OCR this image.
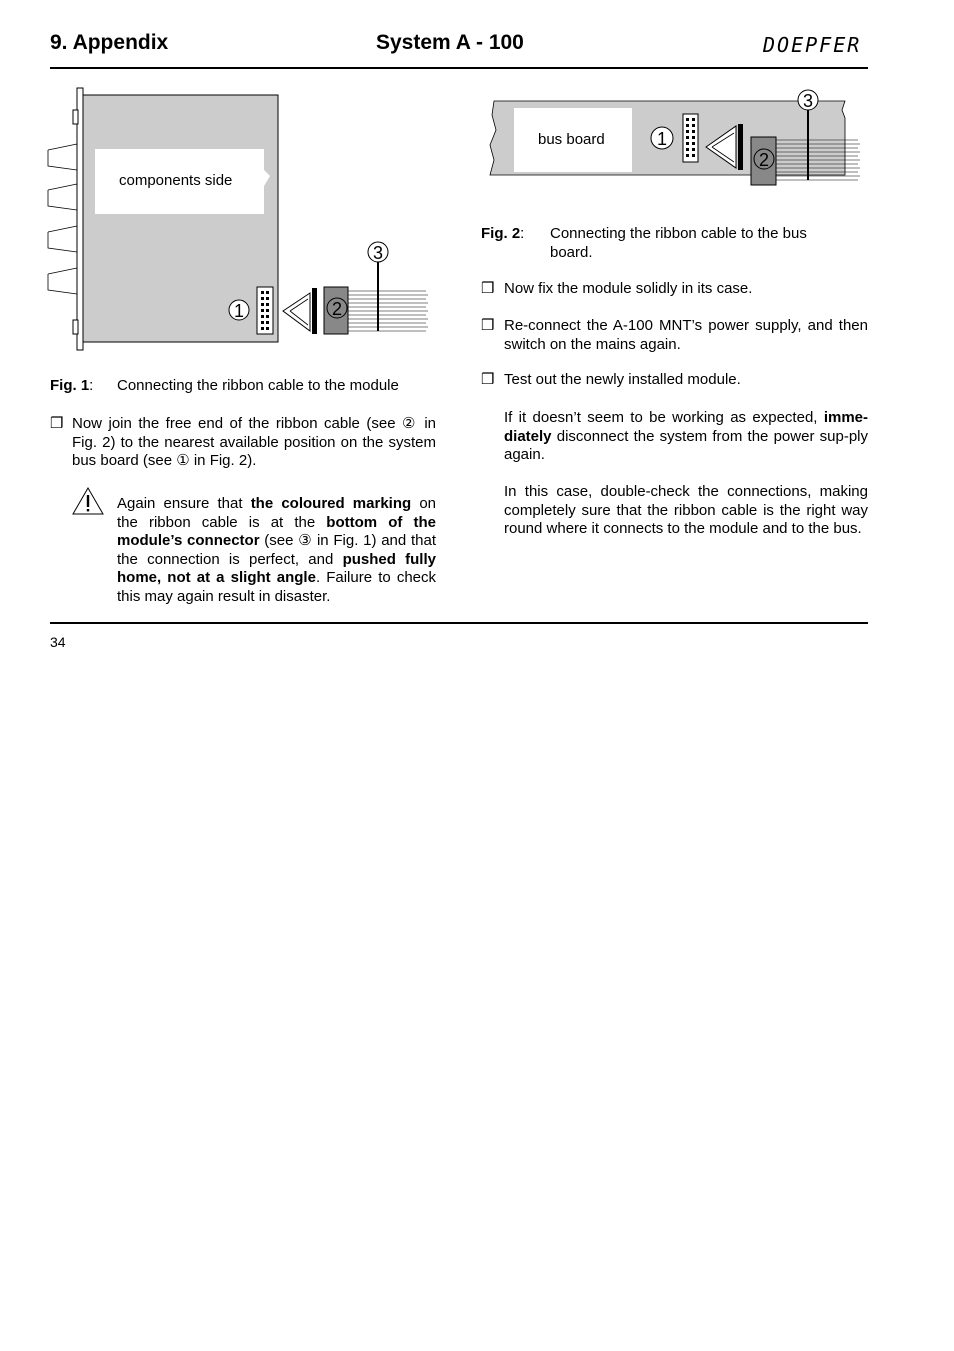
9. Appendix	System A - 100	DOEPFER
1	2
3
components side
1
2
3
bus board
Fig. 1: Connecting the ribbon cable to the module
❒ Now join the free end of the ribbon cable (see ② in Fig. 2) to the nearest available position on the system bus board (see ① in Fig. 2).
Again ensure that the coloured marking on the ribbon cable is at the bottom of the module’s connector (see ③ in Fig. 1) and that the connection is perfect, and pushed fully home, not at a slight angle. Failure to check this may again result in disaster.
Fig. 2: Connecting the ribbon cable to the bus board.
❒ Now fix the module solidly in its case.
❒ Re-connect the A-100 MNT’s power supply, and then switch on the mains again.
❒ Test out the newly installed module.
If it doesn’t seem to be working as expected, imme-diately disconnect the system from the power sup-ply again.
In this case, double-check the connections, making completely sure that the ribbon cable is the right way round where it connects to the module and to the bus.
34
